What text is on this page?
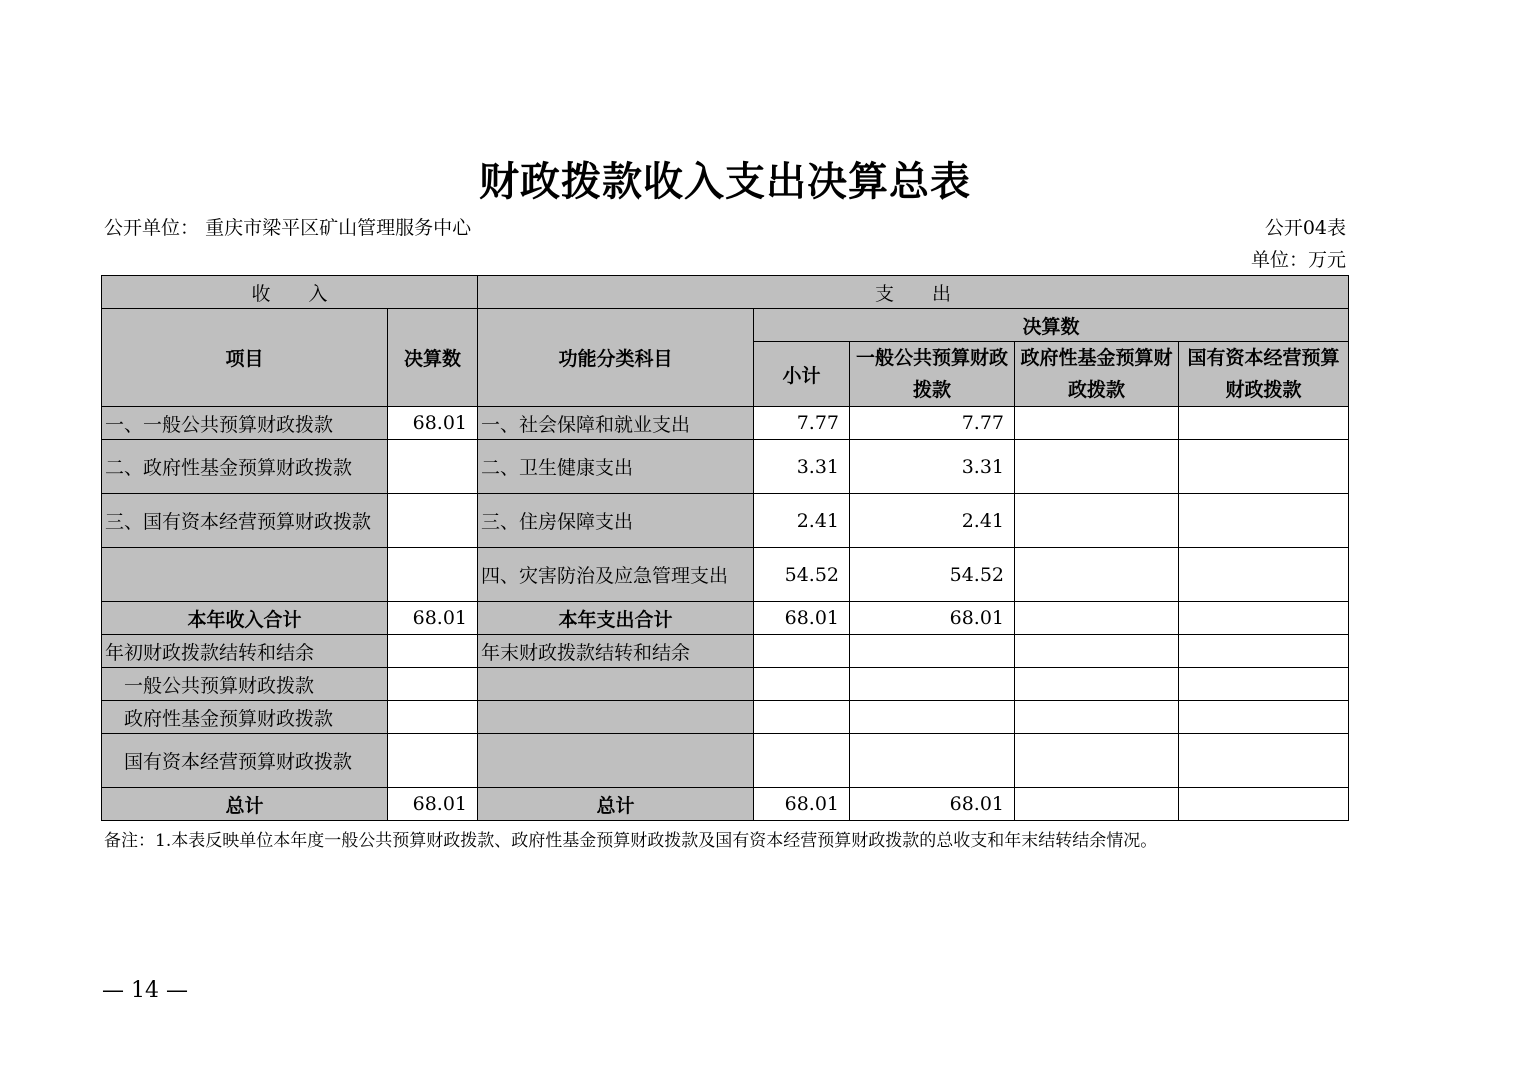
财政拨款收入支出决算总表
公开单位： 重庆市梁平区矿山管理服务中心	公开04表
单位：万元
收　　入		支　　出				
项目	决算数	功能分类科目	决算数			
			小计	一般公共预算财政拨款	政府性基金预算财政拨款	国有资本经营预算财政拨款
一、一般公共预算财政拨款	68.01	一、社会保障和就业支出	7.77	7.77		
二、政府性基金预算财政拨款		二、卫生健康支出	3.31	3.31		
三、国有资本经营预算财政拨款		三、住房保障支出	2.41	2.41		
		四、灾害防治及应急管理支出	54.52	54.52		
本年收入合计	68.01	本年支出合计	68.01	68.01		
年初财政拨款结转和结余		年末财政拨款结转和结余				
一般公共预算财政拨款						
政府性基金预算财政拨款						
国有资本经营预算财政拨款						
总计	68.01	总计	68.01	68.01		
备注：1.本表反映单位本年度一般公共预算财政拨款、政府性基金预算财政拨款及国有资本经营预算财政拨款的总收支和年末结转结余情况。
— 14 —
